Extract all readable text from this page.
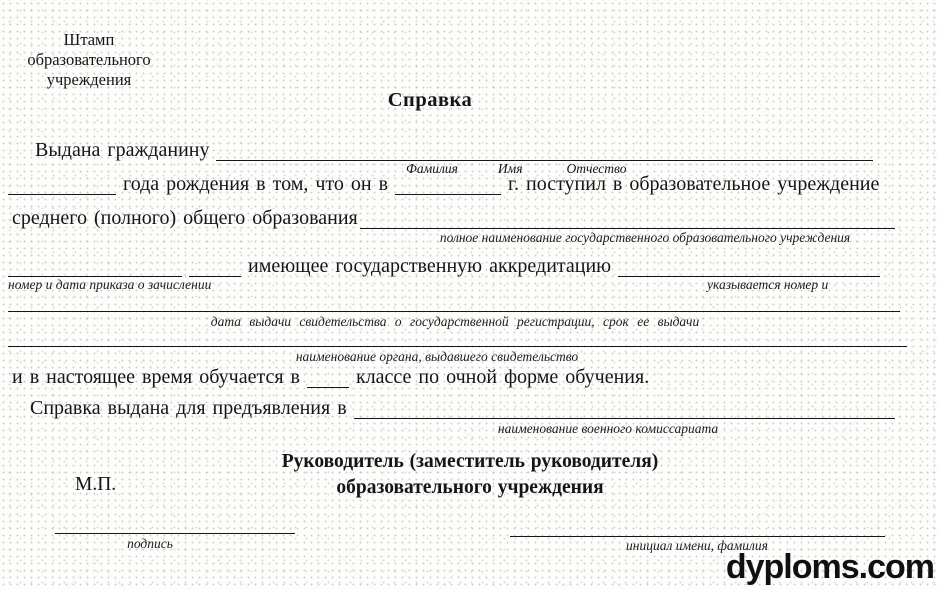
Штамп
образовательного
учреждения
Справка
Выдана гражданину
Фамилия	Имя	Отчество
года рождения в том, что он в	г. поступил в образовательное учреждение
среднего (полного) общего образования
полное наименование государственного образовательного учреждения
имеющее государственную аккредитацию
номер и дата приказа о зачислении	указывается номер и
дата выдачи свидетельства о государственной регистрации, срок ее выдачи
наименование органа, выдавшего свидетельство
и в настоящее время обучается в	классе по очной форме обучения.
Справка выдана для предъявления в
наименование военного комиссариата
Руководитель (заместитель руководителя)
образовательного учреждения
М.П.
подпись	инициал имени, фамилия
dyploms.com
